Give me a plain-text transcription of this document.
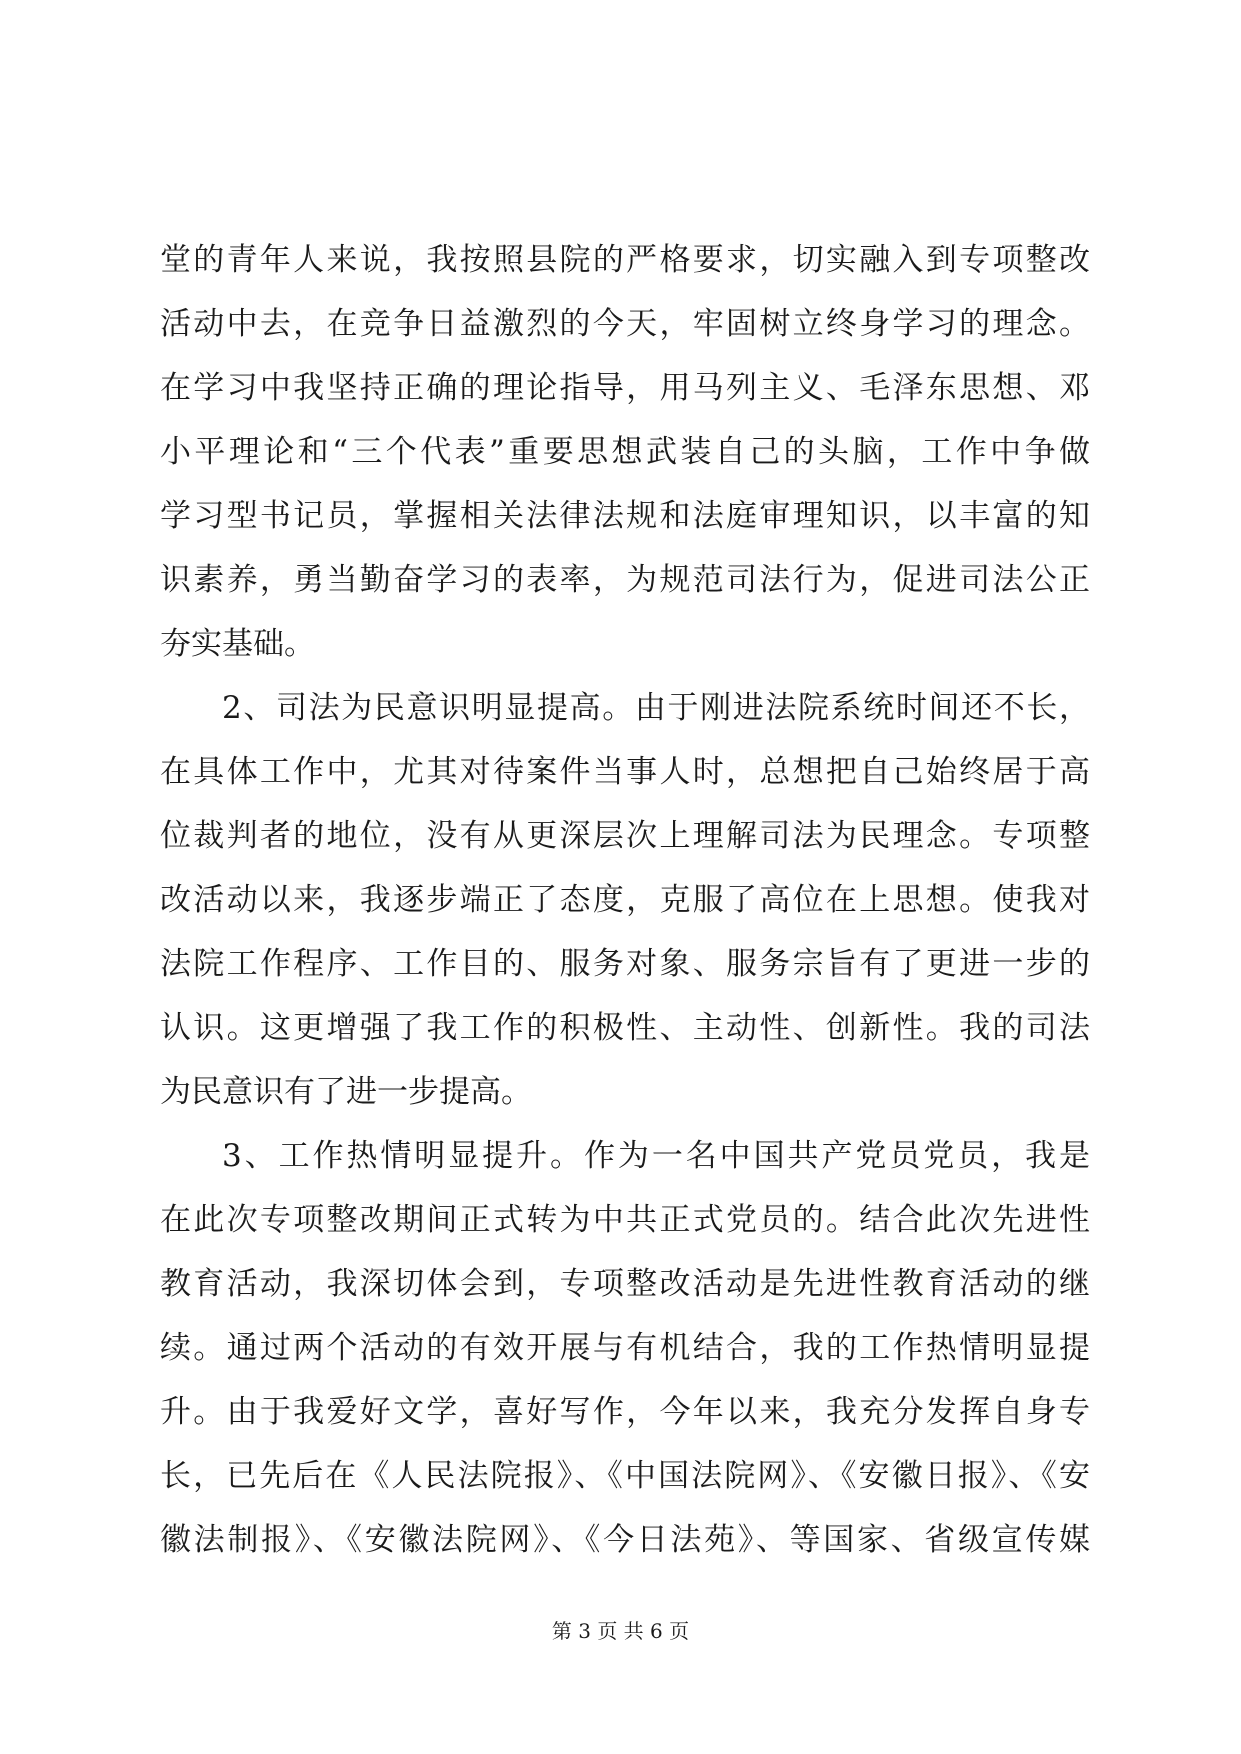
堂的青年人来说，我按照县院的严格要求，切实融入到专项整改
活动中去，在竞争日益激烈的今天，牢固树立终身学习的理念。
在学习中我坚持正确的理论指导，用马列主义、毛泽东思想、邓
小平理论和“三个代表”重要思想武装自己的头脑，工作中争做
学习型书记员，掌握相关法律法规和法庭审理知识，以丰富的知
识素养，勇当勤奋学习的表率，为规范司法行为，促进司法公正
夯实基础。
2、司法为民意识明显提高。由于刚进法院系统时间还不长，
在具体工作中，尤其对待案件当事人时，总想把自己始终居于高
位裁判者的地位，没有从更深层次上理解司法为民理念。专项整
改活动以来，我逐步端正了态度，克服了高位在上思想。使我对
法院工作程序、工作目的、服务对象、服务宗旨有了更进一步的
认识。这更增强了我工作的积极性、主动性、创新性。我的司法
为民意识有了进一步提高。
3、工作热情明显提升。作为一名中国共产党员党员，我是
在此次专项整改期间正式转为中共正式党员的。结合此次先进性
教育活动，我深切体会到，专项整改活动是先进性教育活动的继
续。通过两个活动的有效开展与有机结合，我的工作热情明显提
升。由于我爱好文学，喜好写作，今年以来，我充分发挥自身专
长，已先后在《人民法院报》、《中国法院网》、《安徽日报》、《安
徽法制报》、《安徽法院网》、《今日法苑》、等国家、省级宣传媒
第 3 页 共 6 页
